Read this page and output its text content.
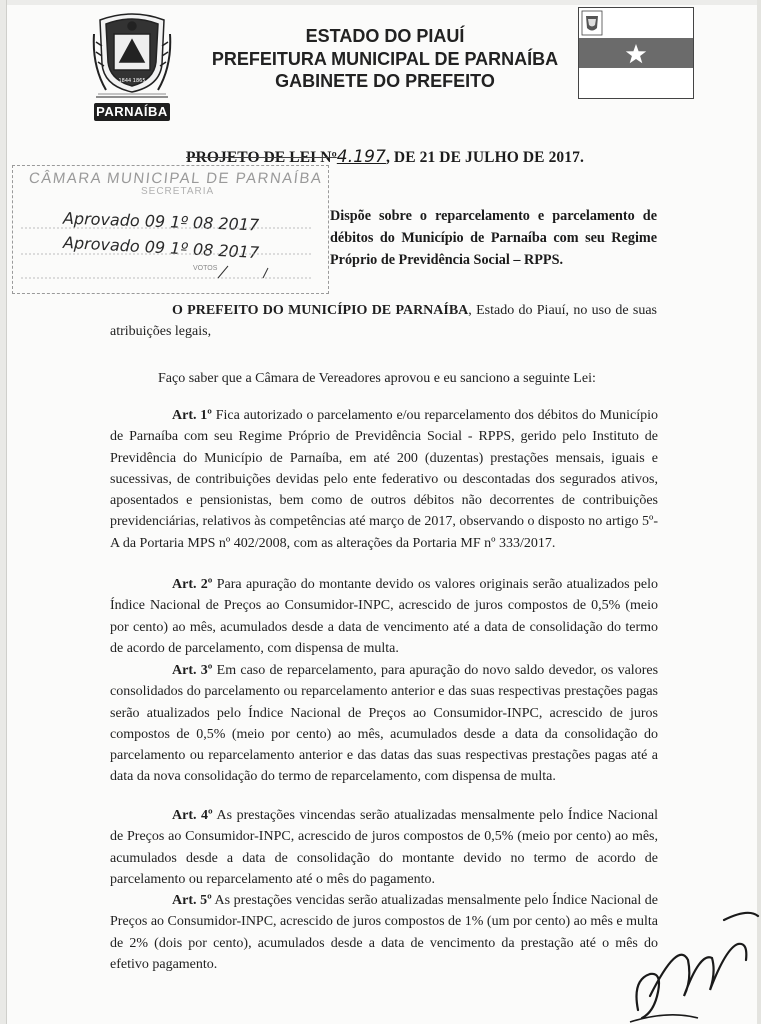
1844 1865
PARNAÍBA
ESTADO DO PIAUÍ
PREFEITURA MUNICIPAL DE PARNAÍBA
GABINETE DO PREFEITO
PROJETO DE LEI Nº4.197, DE 21 DE JULHO DE 2017.
CÂMARA MUNICIPAL DE PARNAÍBA
SECRETARIA
Aprovado 09 1º 08 2017
Aprovado 09 1º 08 2017
VOTOS
Dispõe sobre o reparcelamento e parcelamento de débitos do Município de Parnaíba com seu Regime Próprio de Previdência Social – RPPS.
O PREFEITO DO MUNICÍPIO DE PARNAÍBA, Estado do Piauí, no uso de suas atribuições legais,
Faço saber que a Câmara de Vereadores aprovou e eu sanciono a seguinte Lei:
Art. 1º Fica autorizado o parcelamento e/ou reparcelamento dos débitos do Município de Parnaíba com seu Regime Próprio de Previdência Social - RPPS, gerido pelo Instituto de Previdência do Município de Parnaíba, em até 200 (duzentas) prestações mensais, iguais e sucessivas, de contribuições devidas pelo ente federativo ou descontadas dos segurados ativos, aposentados e pensionistas, bem como de outros débitos não decorrentes de contribuições previdenciárias, relativos às competências até março de 2017, observando o disposto no artigo 5º-A da Portaria MPS nº 402/2008, com as alterações da Portaria MF nº 333/2017.
Art. 2º Para apuração do montante devido os valores originais serão atualizados pelo Índice Nacional de Preços ao Consumidor-INPC, acrescido de juros compostos de 0,5% (meio por cento) ao mês, acumulados desde a data de vencimento até a data de consolidação do termo de acordo de parcelamento, com dispensa de multa.
Art. 3º Em caso de reparcelamento, para apuração do novo saldo devedor, os valores consolidados do parcelamento ou reparcelamento anterior e das suas respectivas prestações pagas serão atualizados pelo Índice Nacional de Preços ao Consumidor-INPC, acrescido de juros compostos de 0,5% (meio por cento) ao mês, acumulados desde a data da consolidação do parcelamento ou reparcelamento anterior e das datas das suas respectivas prestações pagas até a data da nova consolidação do termo de reparcelamento, com dispensa de multa.
Art. 4º As prestações vincendas serão atualizadas mensalmente pelo Índice Nacional de Preços ao Consumidor-INPC, acrescido de juros compostos de 0,5% (meio por cento) ao mês, acumulados desde a data de consolidação do montante devido no termo de acordo de parcelamento ou reparcelamento até o mês do pagamento.
Art. 5º As prestações vencidas serão atualizadas mensalmente pelo Índice Nacional de Preços ao Consumidor-INPC, acrescido de juros compostos de 1% (um por cento) ao mês e multa de 2% (dois por cento), acumulados desde a data de vencimento da prestação até o mês do efetivo pagamento.
